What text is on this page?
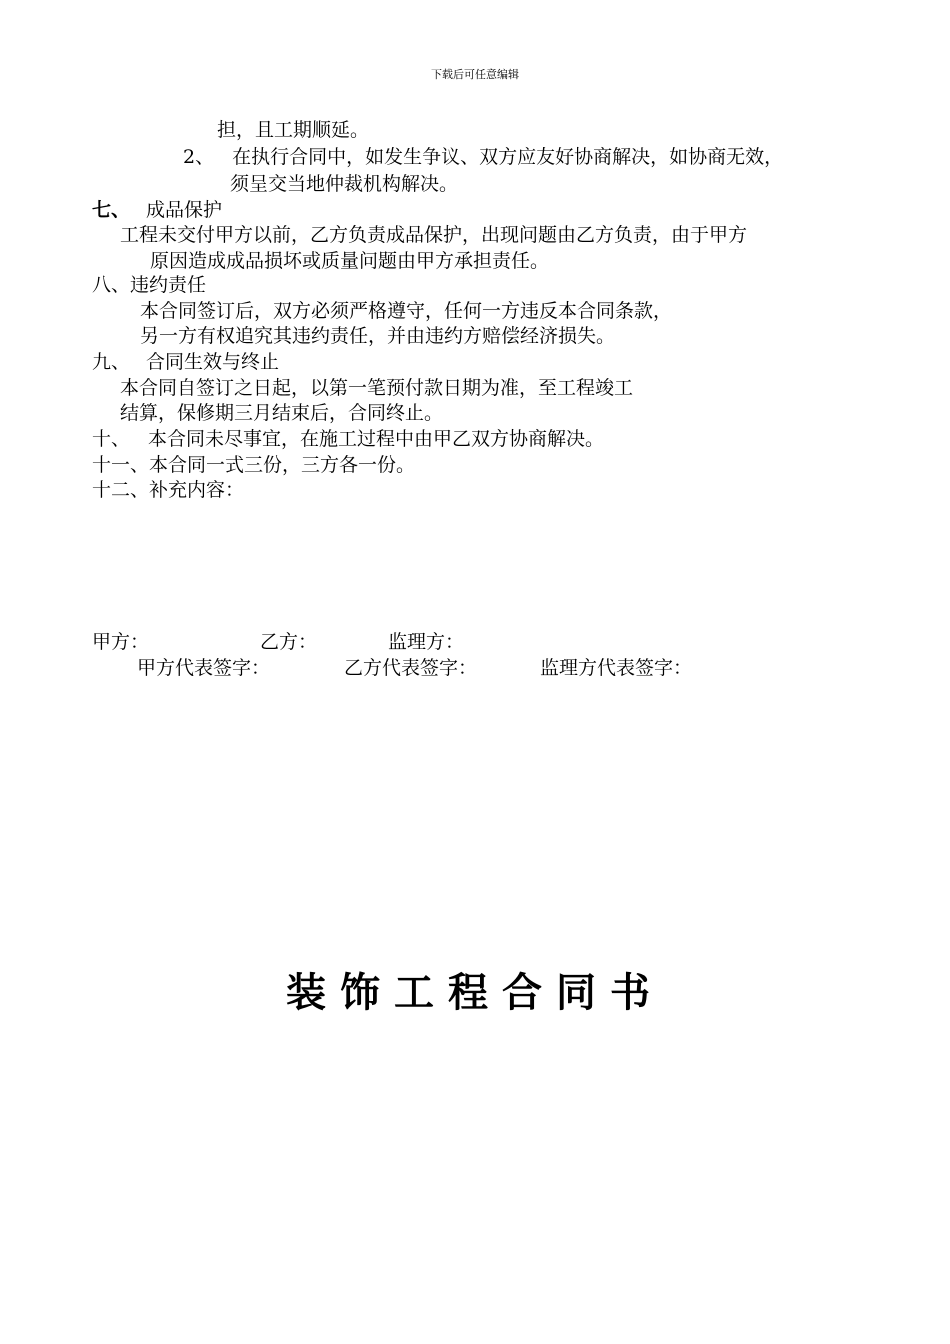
下载后可任意编辑
担，且工期顺延。
2、 在执行合同中，如发生争议、双方应友好协商解决，如协商无效，
须呈交当地仲裁机构解决。
七、 成品保护
工程未交付甲方以前，乙方负责成品保护，出现问题由乙方负责，由于甲方
原因造成成品损坏或质量问题由甲方承担责任。
八、违约责任
本合同签订后，双方必须严格遵守，任何一方违反本合同条款，
另一方有权追究其违约责任，并由违约方赔偿经济损失。
九、 合同生效与终止
本合同自签订之日起，以第一笔预付款日期为准，至工程竣工
结算，保修期三月结束后，合同终止。
十、 本合同未尽事宜，在施工过程中由甲乙双方协商解决。
十一、本合同一式三份，三方各一份。
十二、补充内容：
甲方：	乙方：	监理方：
甲方代表签字：	乙方代表签字：	监理方代表签字：
装饰工程合同书
